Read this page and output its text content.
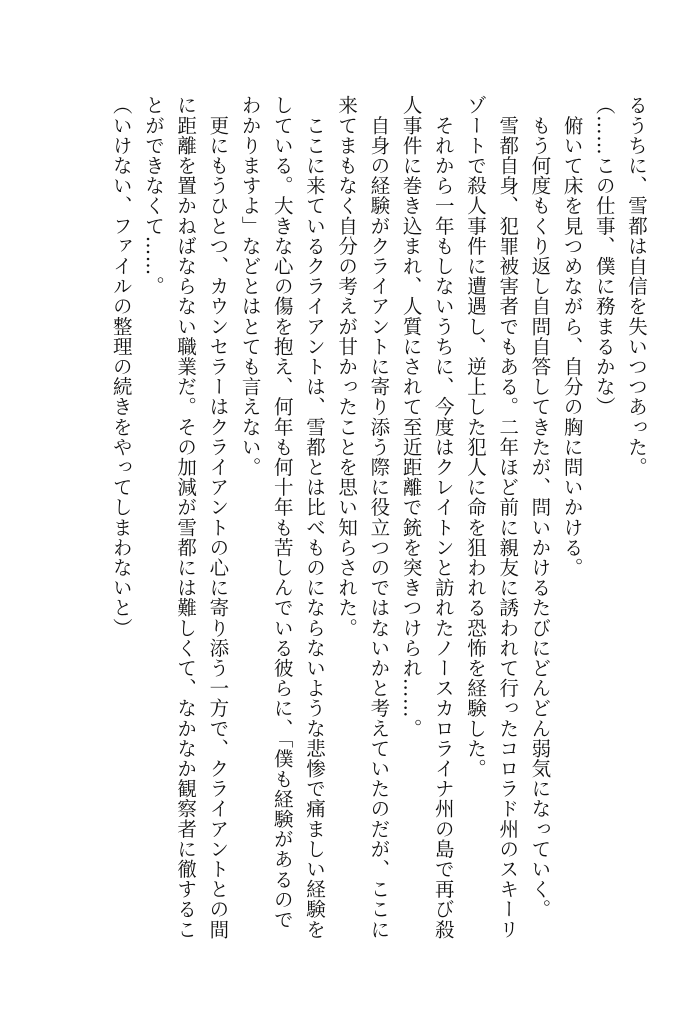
るうちに、雪都は自信を失いつつあった。
（……この仕事、僕に務まるかな）
　俯いて床を見つめながら、自分の胸に問いかける。
　もう何度もくり返し自問自答してきたが、問いかけるたびにどんどん弱気になっていく。
　雪都自身、犯罪被害者でもある。二年ほど前に親友に誘われて行ったコロラド州のスキーリ
ゾートで殺人事件に遭遇し、逆上した犯人に命を狙われる恐怖を経験した。
　それから一年もしないうちに、今度はクレイトンと訪れたノースカロライナ州の島で再び殺
人事件に巻き込まれ、人質にされて至近距離で銃を突きつけられ……。
　自身の経験がクライアントに寄り添う際に役立つのではないかと考えていたのだが、ここに
来てまもなく自分の考えが甘かったことを思い知らされた。
　ここに来ているクライアントは、雪都とは比べものにならないような悲惨で痛ましい経験を
している。大きな心の傷を抱え、何年も何十年も苦しんでいる彼らに、「僕も経験があるので
わかりますよ」などとはとても言えない。
　更にもうひとつ、カウンセラーはクライアントの心に寄り添う一方で、クライアントとの間
に距離を置かねばならない職業だ。その加減が雪都には難しくて、なかなか観察者に徹するこ
とができなくて……。
（いけない、ファイルの整理の続きをやってしまわないと）
